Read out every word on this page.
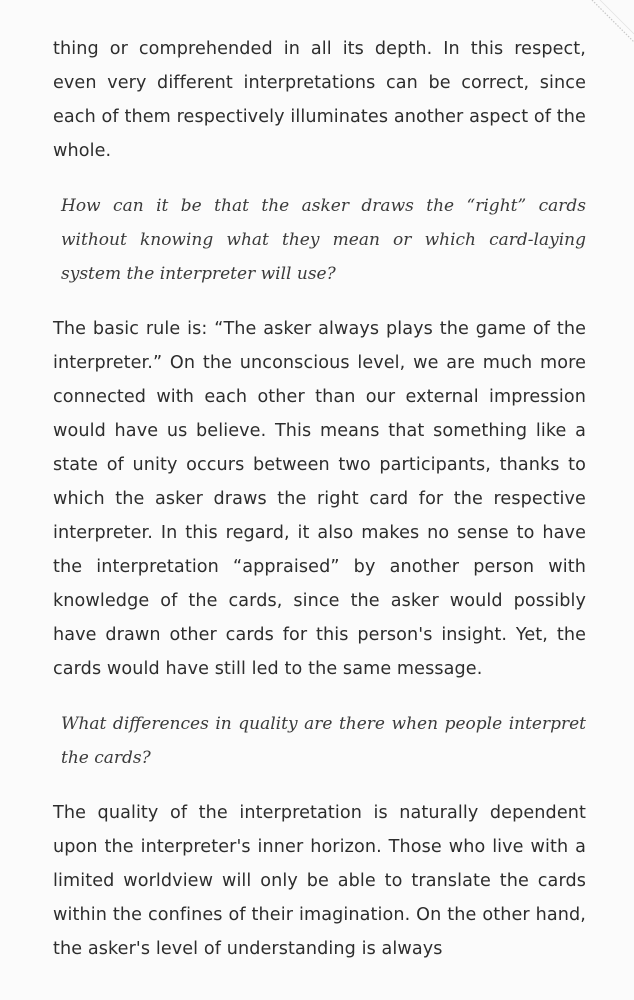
thing or comprehended in all its depth. In this respect, even very different interpretations can be correct, since each of them respectively illuminates another aspect of the whole.

How can it be that the asker draws the “right” cards without knowing what they mean or which card-laying system the interpreter will use?

The basic rule is: “The asker always plays the game of the interpreter.” On the unconscious level, we are much more connected with each other than our external impression would have us believe. This means that something like a state of unity occurs between two participants, thanks to which the asker draws the right card for the respective interpreter. In this regard, it also makes no sense to have the interpretation “appraised” by another person with knowledge of the cards, since the asker would possibly have drawn other cards for this person's insight. Yet, the cards would have still led to the same message.

What differences in quality are there when people interpret the cards?

The quality of the interpretation is naturally dependent upon the interpreter's inner horizon. Those who live with a limited worldview will only be able to translate the cards within the confines of their imagination. On the other hand, the asker's level of understanding is always
